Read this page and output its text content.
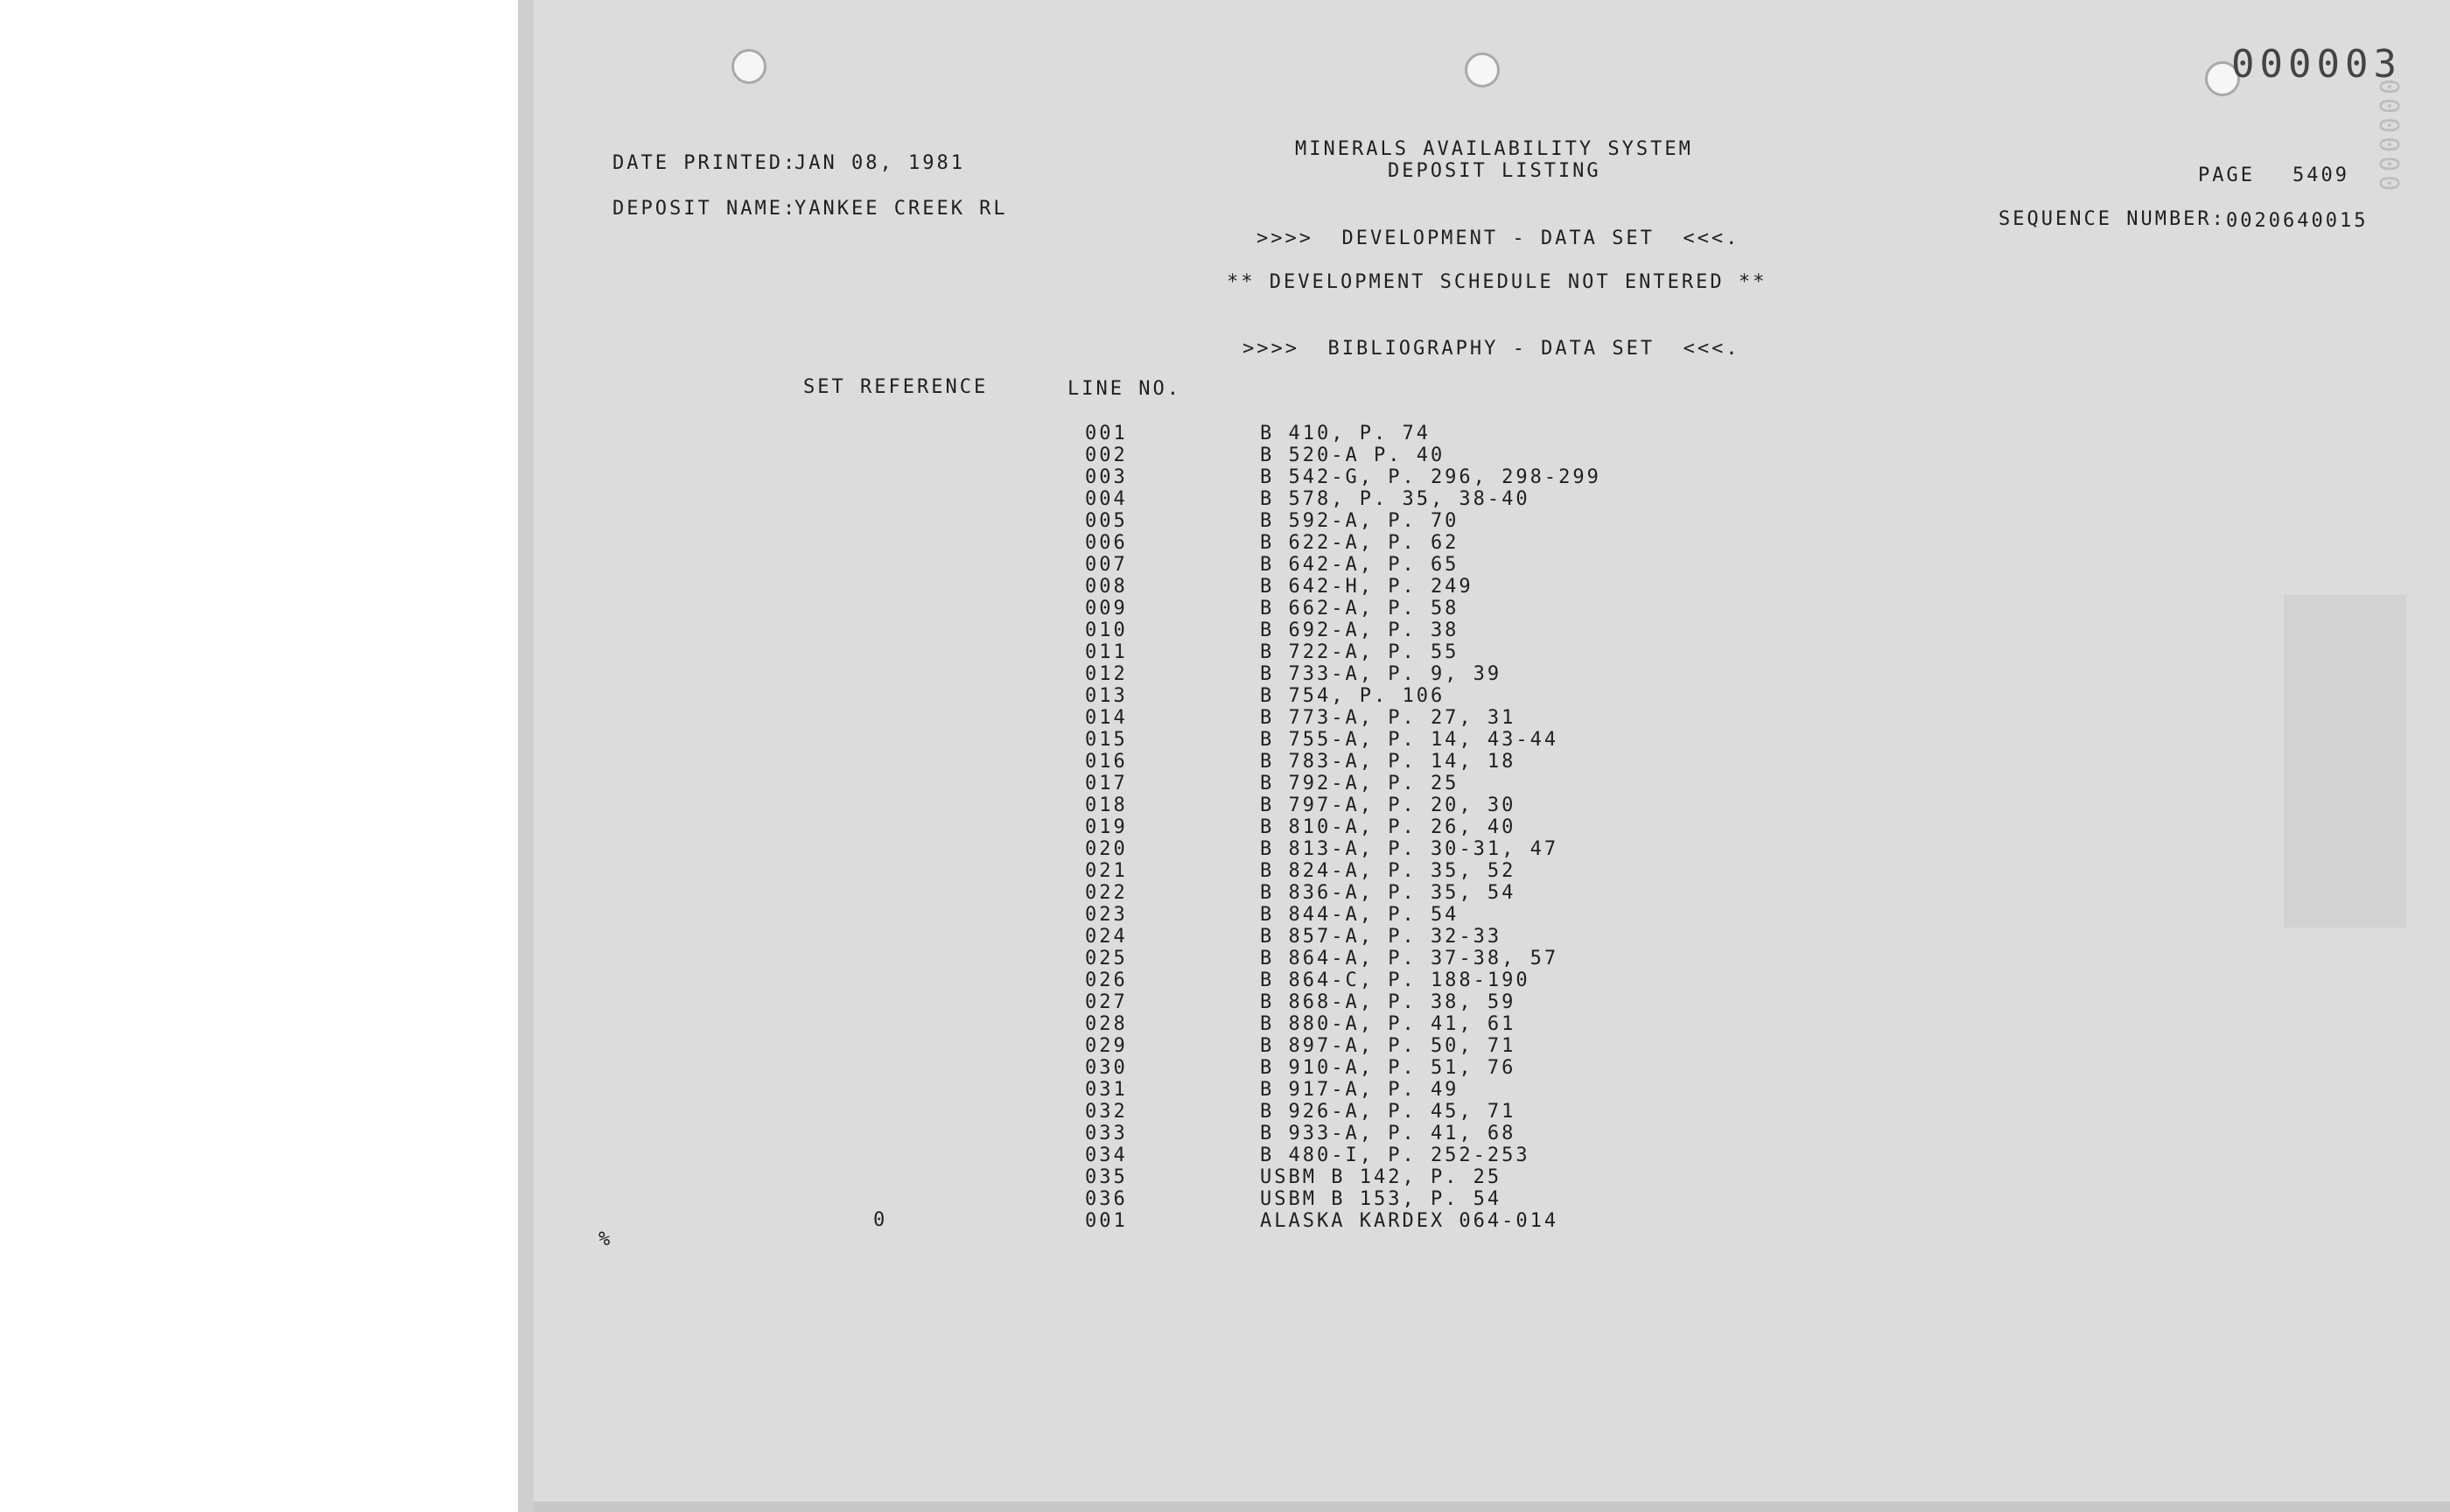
000003
000000
DATE PRINTED:
JAN 08, 1981
DEPOSIT NAME:
YANKEE CREEK RL
MINERALS AVAILABILITY SYSTEM
DEPOSIT LISTING	PAGE 5409
SEQUENCE NUMBER: 0020640015
>>>>  DEVELOPMENT - DATA SET  <<<.
** DEVELOPMENT SCHEDULE NOT ENTERED **
>>>>  BIBLIOGRAPHY - DATA SET  <<<.
SET REFERENCE	LINE NO.
001
002
003
004
005
006
007
008
009
010
011
012
013
014
015
016
017
018
019
020
021
022
023
024
025
026
027
028
029
030
031
032
033
034
035
036
001
B 410, P. 74
B 520-A P. 40
B 542-G, P. 296, 298-299
B 578, P. 35, 38-40
B 592-A, P. 70
B 622-A, P. 62
B 642-A, P. 65
B 642-H, P. 249
B 662-A, P. 58
B 692-A, P. 38
B 722-A, P. 55
B 733-A, P. 9, 39
B 754, P. 106
B 773-A, P. 27, 31
B 755-A, P. 14, 43-44
B 783-A, P. 14, 18
B 792-A, P. 25
B 797-A, P. 20, 30
B 810-A, P. 26, 40
B 813-A, P. 30-31, 47
B 824-A, P. 35, 52
B 836-A, P. 35, 54
B 844-A, P. 54
B 857-A, P. 32-33
B 864-A, P. 37-38, 57
B 864-C, P. 188-190
B 868-A, P. 38, 59
B 880-A, P. 41, 61
B 897-A, P. 50, 71
B 910-A, P. 51, 76
B 917-A, P. 49
B 926-A, P. 45, 71
B 933-A, P. 41, 68
B 480-I, P. 252-253
USBM B 142, P. 25
USBM B 153, P. 54
ALASKA KARDEX 064-014
0
%
